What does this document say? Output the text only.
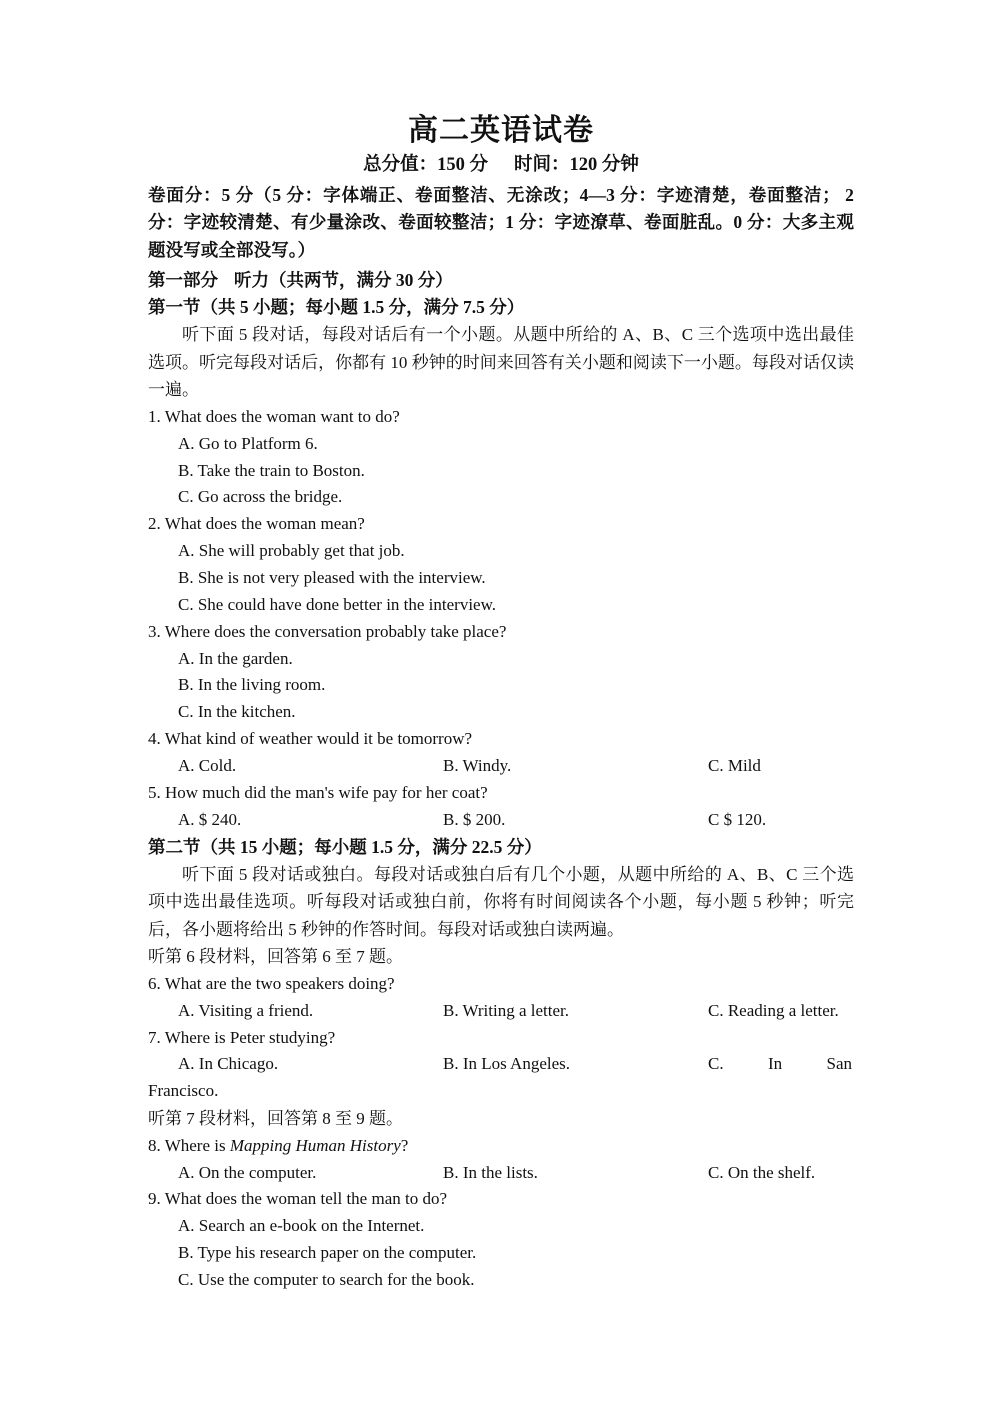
高二英语试卷
总分值：150 分 时间：120 分钟

卷面分：5 分（5 分：字体端正、卷面整洁、无涂改；4—3 分：字迹清楚，卷面整洁； 2 分：字迹较清楚、有少量涂改、卷面较整洁；1 分：字迹潦草、卷面脏乱。0 分：大多主观题没写或全部没写。）

第一部分 听力（共两节，满分 30 分）

第一节（共 5 小题；每小题 1.5 分，满分 7.5 分）

听下面 5 段对话，每段对话后有一个小题。从题中所给的 A、B、C 三个选项中选出最佳选项。听完每段对话后，你都有 10 秒钟的时间来回答有关小题和阅读下一小题。每段对话仅读一遍。

1. What does the woman want to do?

A. Go to Platform 6.

B. Take the train to Boston.

C. Go across the bridge.

2. What does the woman mean?

A. She will probably get that job.

B. She is not very pleased with the interview.

C. She could have done better in the interview.

3. Where does the conversation probably take place?

A. In the garden.

B. In the living room.

C. In the kitchen.

4. What kind of weather would it be tomorrow?

A. Cold.	B. Windy.	C. Mild

5. How much did the man's wife pay for her coat?

A. $ 240.	B. $ 200.	C $ 120.

第二节（共 15 小题；每小题 1.5 分，满分 22.5 分）

听下面 5 段对话或独白。每段对话或独白后有几个小题，从题中所给的 A、B、C 三个选项中选出最佳选项。听每段对话或独白前，你将有时间阅读各个小题，每小题 5 秒钟；听完后，各小题将给出 5 秒钟的作答时间。每段对话或独白读两遍。

听第 6 段材料，回答第 6 至 7 题。

6. What are the two speakers doing?

A. Visiting a friend.	B. Writing a letter.	C. Reading a letter.

7. Where is Peter studying?

A. In Chicago.	B. In Los Angeles.	C.	In	San

Francisco.

听第 7 段材料，回答第 8 至 9 题。

8. Where is Mapping Human History?

A. On the computer.	B. In the lists.	C. On the shelf.

9. What does the woman tell the man to do?

A. Search an e-book on the Internet.

B. Type his research paper on the computer.

C. Use the computer to search for the book.
